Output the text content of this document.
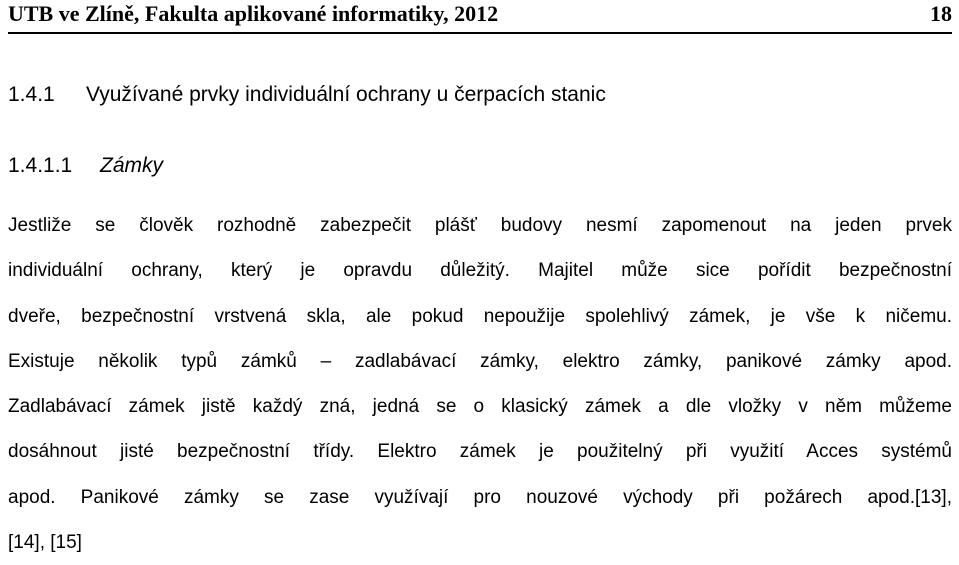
UTB ve Zlíně, Fakulta aplikované informatiky, 2012	18
1.4.1 Využívané prvky individuální ochrany u čerpacích stanic
1.4.1.1 Zámky
Jestliže se člověk rozhodně zabezpečit plášť budovy nesmí zapomenout na jeden prvek
individuální ochrany, který je opravdu důležitý. Majitel může sice pořídit bezpečnostní
dveře, bezpečnostní vrstvená skla, ale pokud nepoužije spolehlivý zámek, je vše k ničemu.
Existuje několik typů zámků – zadlabávací zámky, elektro zámky, panikové zámky apod.
Zadlabávací zámek jistě každý zná, jedná se o klasický zámek a dle vložky v něm můžeme
dosáhnout jisté bezpečnostní třídy. Elektro zámek je použitelný při využití Acces systémů
apod. Panikové zámky se zase využívají pro nouzové východy při požárech apod.[13],
[14], [15]
